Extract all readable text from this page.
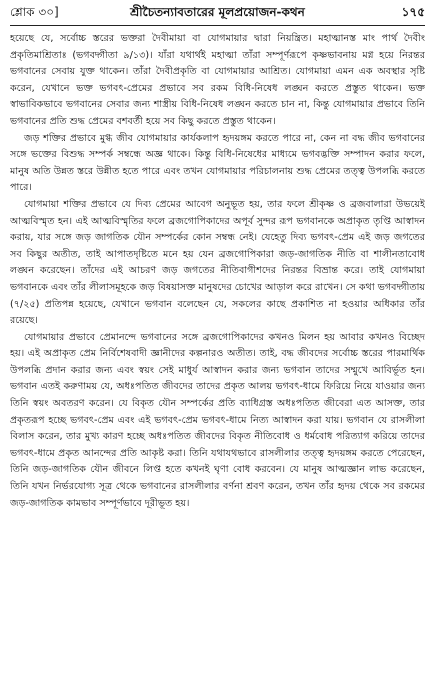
শ্লোক ৩০]	শ্রীচৈতন্যাবতারের মূলপ্রয়োজন-কথন	১৭৫

হয়েছে যে, সর্বোচ্চ স্তরের ভক্তরা দৈবীমায়া বা যোগমায়ার দ্বারা নিয়ন্ত্রিত। মহাত্মানস্ত মাং পার্থ দৈবীং প্রকৃতিমাশ্রিতাঃ (ভগবদ্গীতা ৯/১৩)। যাঁরা যথার্থই মহাত্মা তাঁরা সম্পূর্ণরূপে কৃষ্ণভাবনায় মগ্ন হয়ে নিরন্তর ভগবানের সেবায় যুক্ত থাকেন। তাঁরা দৈবীপ্রকৃতি বা যোগমায়ার আশ্রিত। যোগমায়া এমন এক অবস্থার সৃষ্টি করেন, যেখানে ভক্ত ভগবৎ-প্রেমের প্রভাবে সব রকম বিধি-নিষেধ লঙ্ঘন করতে প্রস্তুত থাকেন। ভক্ত স্বাভাবিকভাবে ভগবানের সেবার জন্য শাস্ত্রীয় বিধি-নিষেধ লঙ্ঘন করতে চান না, কিন্তু যোগমায়ার প্রভাবে তিনি ভগবানের প্রতি শুদ্ধ প্রেমের বশবর্তী হয়ে সব কিছু করতে প্রস্তুত থাকেন।

জড় শক্তির প্রভাবে মুগ্ধ জীব যোগমায়ার কার্যকলাপ হৃদয়ঙ্গম করতে পারে না, কেন না বদ্ধ জীব ভগবানের সঙ্গে ভক্তের বিশুদ্ধ সম্পর্ক সম্বন্ধে অজ্ঞ থাকে। কিন্তু বিধি-নিষেধের মাধ্যমে ভগবদ্ভক্তি সম্পাদন করার ফলে, মানুষ অতি উন্নত স্তরে উন্নীত হতে পারে এবং তখন যোগমায়ার পরিচালনায় শুদ্ধ প্রেমের তত্ত্ব উপলব্ধি করতে পারে।

যোগমায়া শক্তির প্রভাবে যে দিব্য প্রেমের আবেগ অনুভূত হয়, তার ফলে শ্রীকৃষ্ণ ও ব্রজবালারা উভয়েই আত্মবিস্মৃত হন। এই আত্মবিস্মৃতির ফলে ব্রজগোপিকাদের অপূর্ব সুন্দর রূপ ভগবানকে অপ্রাকৃত তৃপ্তি আস্বাদন করায়, যার সঙ্গে জড় জাগতিক যৌন সম্পর্কের কোন সম্বন্ধ নেই। যেহেতু দিব্য ভগবৎ-প্রেম এই জড় জগতের সব কিছুর অতীত, তাই আপাতদৃষ্টিতে মনে হয় যেন ব্রজগোপিকারা জড়-জাগতিক নীতি বা শালীনতাবোধ লঙ্ঘন করেছেন। তাঁদের এই আচরণ জড় জগতের নীতিবাগীশদের নিরন্তর বিভ্রান্ত করে। তাই যোগমায়া ভগবানকে এবং তাঁর লীলাসমূহকে জড় বিষয়াসক্ত মানুষদের চোখের আড়াল করে রাখেন। সে কথা ভগবদ্গীতায় (৭/২৫) প্রতিপন্ন হয়েছে, যেখানে ভগবান বলেছেন যে, সকলের কাছে প্রকাশিত না হওয়ার অধিকার তাঁর রয়েছে।

যোগমায়ার প্রভাবে প্রেমানন্দে ভগবানের সঙ্গে ব্রজগোপিকাদের কখনও মিলন হয় আবার কখনও বিচ্ছেদ হয়। এই অপ্রাকৃত প্রেম নির্বিশেষবাদী জ্ঞানীদের কল্পনারও অতীত। তাই, বদ্ধ জীবদের সর্বোচ্চ স্তরের পারমার্থিক উপলব্ধি প্রদান করার জন্য এবং স্বয়ং সেই মাধুর্য আস্বাদন করার জন্য ভগবান তাদের সম্মুখে আবির্ভূত হন। ভগবান এতই করুণাময় যে, অধঃপতিত জীবদের তাদের প্রকৃত আলয় ভগবৎ-ধামে ফিরিয়ে নিয়ে যাওয়ার জন্য তিনি স্বয়ং অবতরণ করেন। যে বিকৃত যৌন সম্পর্কের প্রতি ব্যাধিগ্রস্ত অধঃপতিত জীবেরা এত আসক্ত, তার প্রকৃতরূপ হচ্ছে ভগবৎ-প্রেম এবং এই ভগবৎ-প্রেম ভগবৎ-ধামে নিত্য আস্বাদন করা যায়। ভগবান যে রাসলীলা বিলাস করেন, তার মুখ্য কারণ হচ্ছে অধঃপতিত জীবদের বিকৃত নীতিবোধ ও ধর্মবোধ পরিত্যাগ করিয়ে তাদের ভগবৎ-ধামে প্রকৃত আনন্দের প্রতি আকৃষ্ট করা। তিনি যথাযথভাবে রাসলীলার তত্ত্ব হৃদয়ঙ্গম করতে পেরেছেন, তিনি জড়-জাগতিক যৌন জীবনে লিপ্ত হতে কখনই ঘৃণা বোধ করবেন। যে মানুষ আত্মজ্ঞান লাভ করেছেন, তিনি যখন নির্ভরযোগ্য সূত্র থেকে ভগবানের রাসলীলার বর্ণনা শ্রবণ করেন, তখন তাঁর হৃদয় থেকে সব রকমের জড়-জাগতিক কামভাব সম্পূর্ণভাবে দূরীভূত হয়।
